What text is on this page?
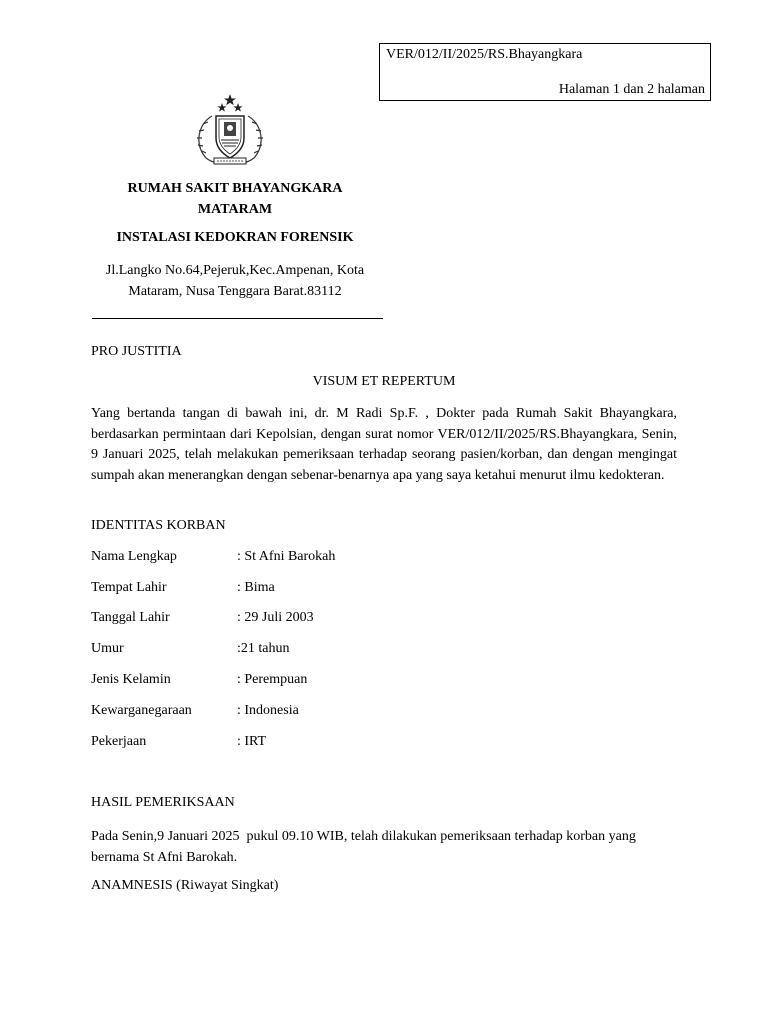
VER/012/II/2025/RS.Bhayangkara
Halaman 1 dan 2 halaman
RUMAH SAKIT BHAYANGKARA
MATARAM
INSTALASI KEDOKRAN FORENSIK
Jl.Langko No.64,Pejeruk,Kec.Ampenan, Kota
Mataram, Nusa Tenggara Barat.83112
PRO JUSTITIA
VISUM ET REPERTUM
Yang bertanda tangan di bawah ini, dr. M Radi Sp.F. , Dokter pada Rumah Sakit Bhayangkara, berdasarkan permintaan dari Kepolsian, dengan surat nomor VER/012/II/2025/RS.Bhayangkara, Senin, 9 Januari 2025, telah melakukan pemeriksaan terhadap seorang pasien/korban, dan dengan mengingat sumpah akan menerangkan dengan sebenar-benarnya apa yang saya ketahui menurut ilmu kedokteran.
IDENTITAS KORBAN
Nama Lengkap	: St Afni Barokah
Tempat Lahir	: Bima
Tanggal Lahir	: 29 Juli 2003
Umur	:21 tahun
Jenis Kelamin	: Perempuan
Kewarganegaraan	: Indonesia
Pekerjaan	: IRT
HASIL PEMERIKSAAN
Pada Senin,9 Januari 2025  pukul 09.10 WIB, telah dilakukan pemeriksaan terhadap korban yang
bernama St Afni Barokah.
ANAMNESIS (Riwayat Singkat)
